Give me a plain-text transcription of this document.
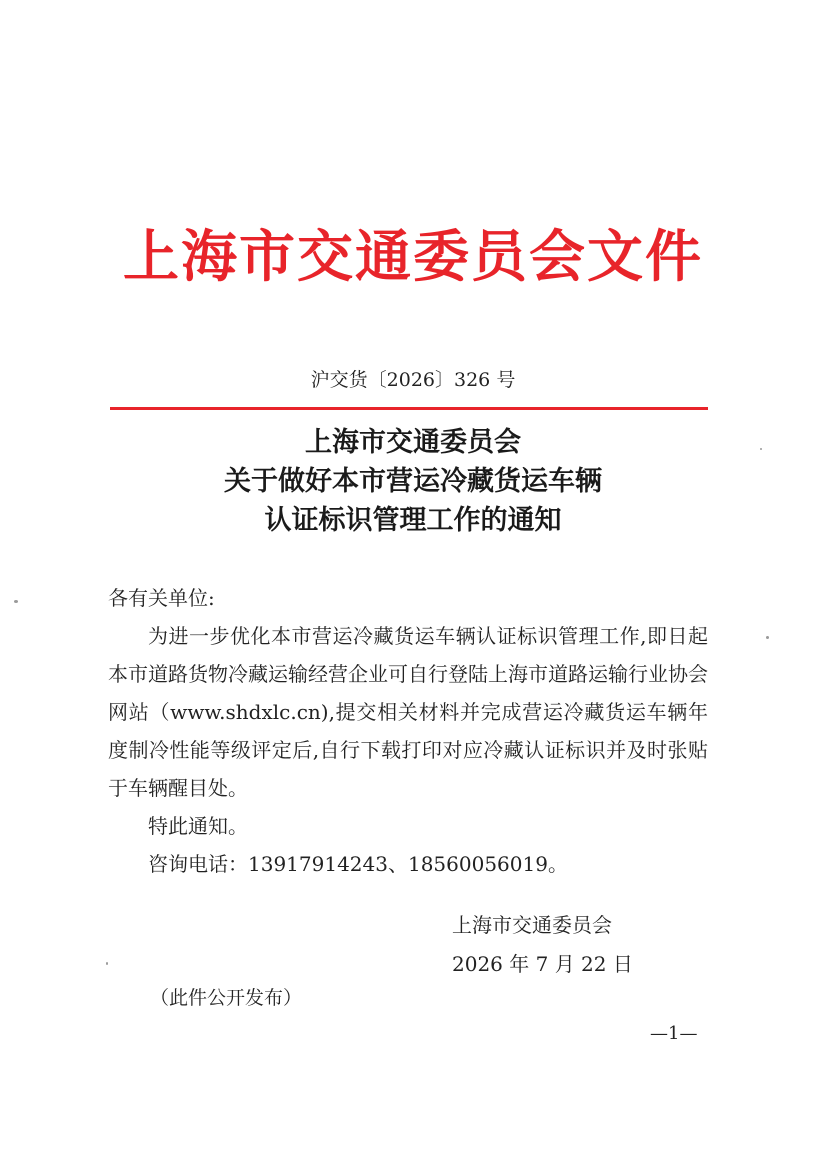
上海市交通委员会文件
沪交货〔2026〕326 号
上海市交通委员会
关于做好本市营运冷藏货运车辆
认证标识管理工作的通知

各有关单位:

为进一步优化本市营运冷藏货运车辆认证标识管理工作,即日起本市道路货物冷藏运输经营企业可自行登陆上海市道路运输行业协会网站（www.shdxlc.cn),提交相关材料并完成营运冷藏货运车辆年度制冷性能等级评定后,自行下载打印对应冷藏认证标识并及时张贴于车辆醒目处。

特此通知。

咨询电话：13917914243、18560056019。

上海市交通委员会
2026 年 7 月 22 日
（此件公开发布）
—1—
